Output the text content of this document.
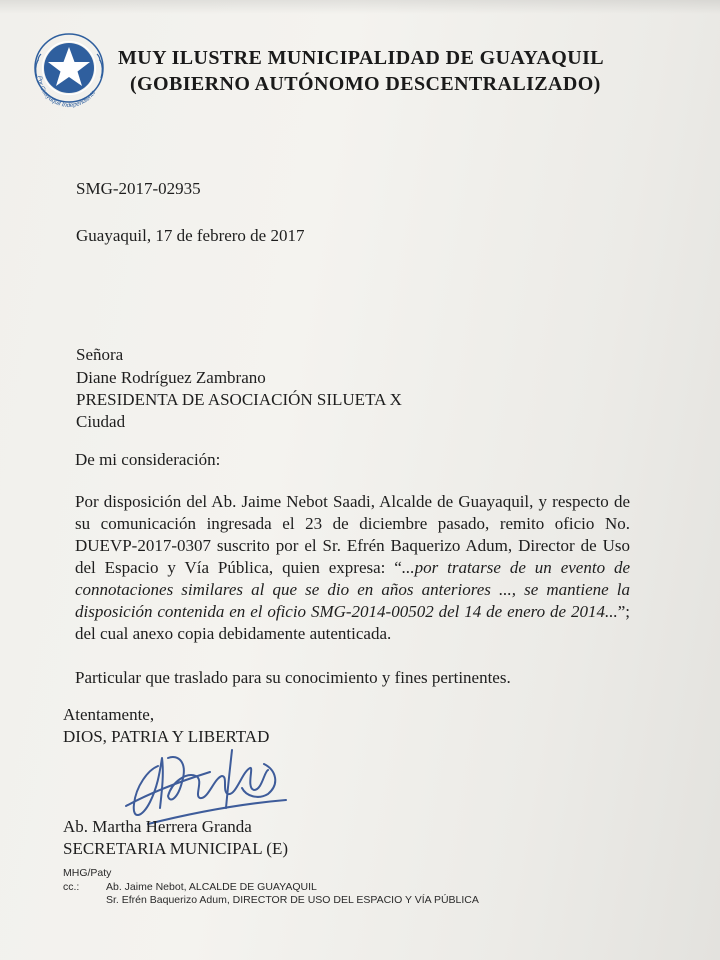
Por Guayaquil Independiente
MUY ILUSTRE MUNICIPALIDAD DE GUAYAQUIL
(GOBIERNO AUTÓNOMO DESCENTRALIZADO)
SMG-2017-02935
Guayaquil, 17 de febrero de 2017
Señora
Diane Rodríguez Zambrano
PRESIDENTA DE ASOCIACIÓN SILUETA X
Ciudad
De mi consideración:
Por disposición del Ab. Jaime Nebot Saadi, Alcalde de Guayaquil, y respecto de su comunicación ingresada el 23 de diciembre pasado, remito oficio No. DUEVP-2017-0307 suscrito por el Sr. Efrén Baquerizo Adum, Director de Uso del Espacio y Vía Pública, quien expresa: “...por tratarse de un evento de connotaciones similares al que se dio en años anteriores ..., se mantiene la disposición contenida en el oficio SMG-2014-00502 del 14 de enero de 2014...”; del cual anexo copia debidamente autenticada.
Particular que traslado para su conocimiento y fines pertinentes.
Atentamente,
DIOS, PATRIA Y LIBERTAD
Ab. Martha Herrera Granda
SECRETARIA MUNICIPAL (E)
MHG/Paty
cc.:	Ab. Jaime Nebot, ALCALDE DE GUAYAQUIL
Sr. Efrén Baquerizo Adum, DIRECTOR DE USO DEL ESPACIO Y VÍA PÚBLICA
